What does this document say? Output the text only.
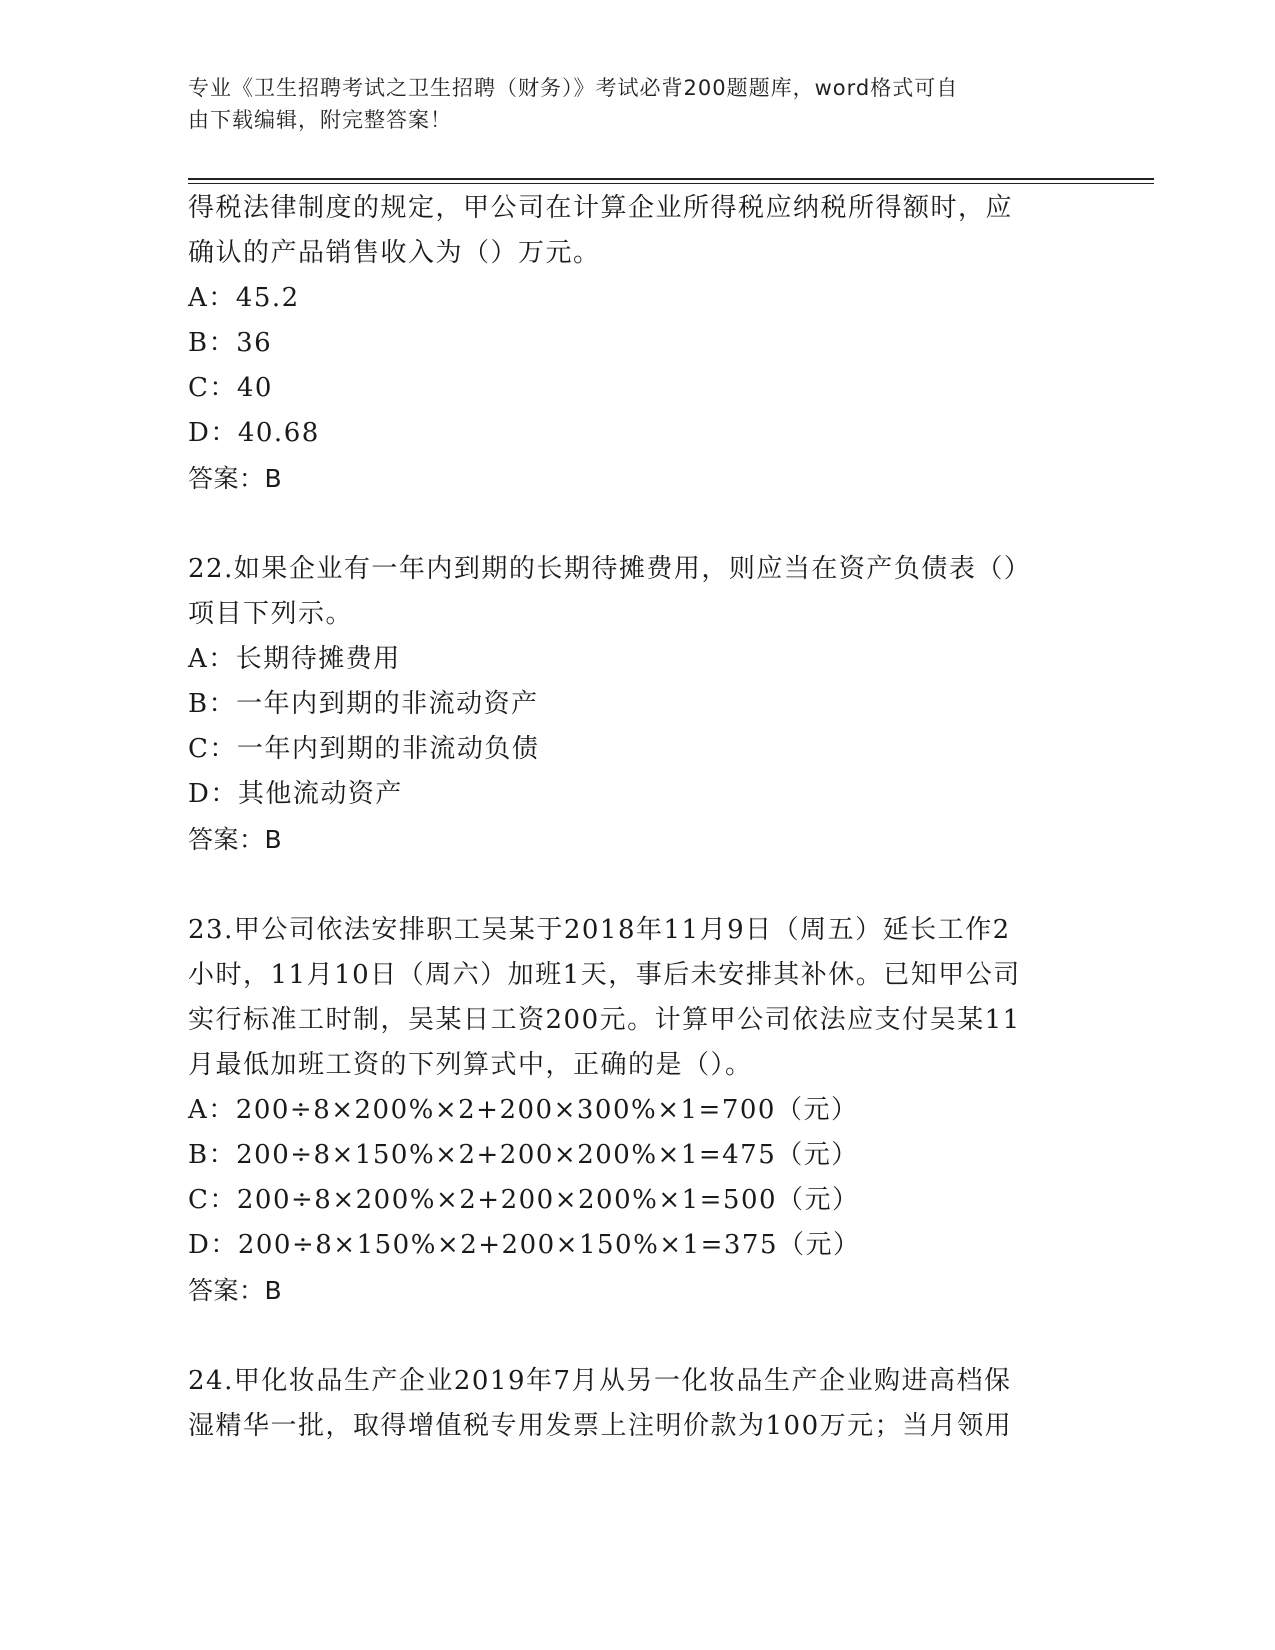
专业《卫生招聘考试之卫生招聘（财务）》考试必背200题题库，word格式可自
由下载编辑，附完整答案！
得税法律制度的规定，甲公司在计算企业所得税应纳税所得额时，应
确认的产品销售收入为（）万元。
A：45.2
B：36
C：40
D：40.68
答案：B
22.如果企业有一年内到期的长期待摊费用，则应当在资产负债表（）
项目下列示。
A：长期待摊费用
B：一年内到期的非流动资产
C：一年内到期的非流动负债
D：其他流动资产
答案：B
23.甲公司依法安排职工吴某于2018年11月9日（周五）延长工作2
小时，11月10日（周六）加班1天，事后未安排其补休。已知甲公司
实行标准工时制，吴某日工资200元。计算甲公司依法应支付吴某11
月最低加班工资的下列算式中，正确的是（）。
A：200÷8×200%×2+200×300%×1=700（元）
B：200÷8×150%×2+200×200%×1=475（元）
C：200÷8×200%×2+200×200%×1=500（元）
D：200÷8×150%×2+200×150%×1=375（元）
答案：B
24.甲化妆品生产企业2019年7月从另一化妆品生产企业购进高档保
湿精华一批，取得增值税专用发票上注明价款为100万元；当月领用
